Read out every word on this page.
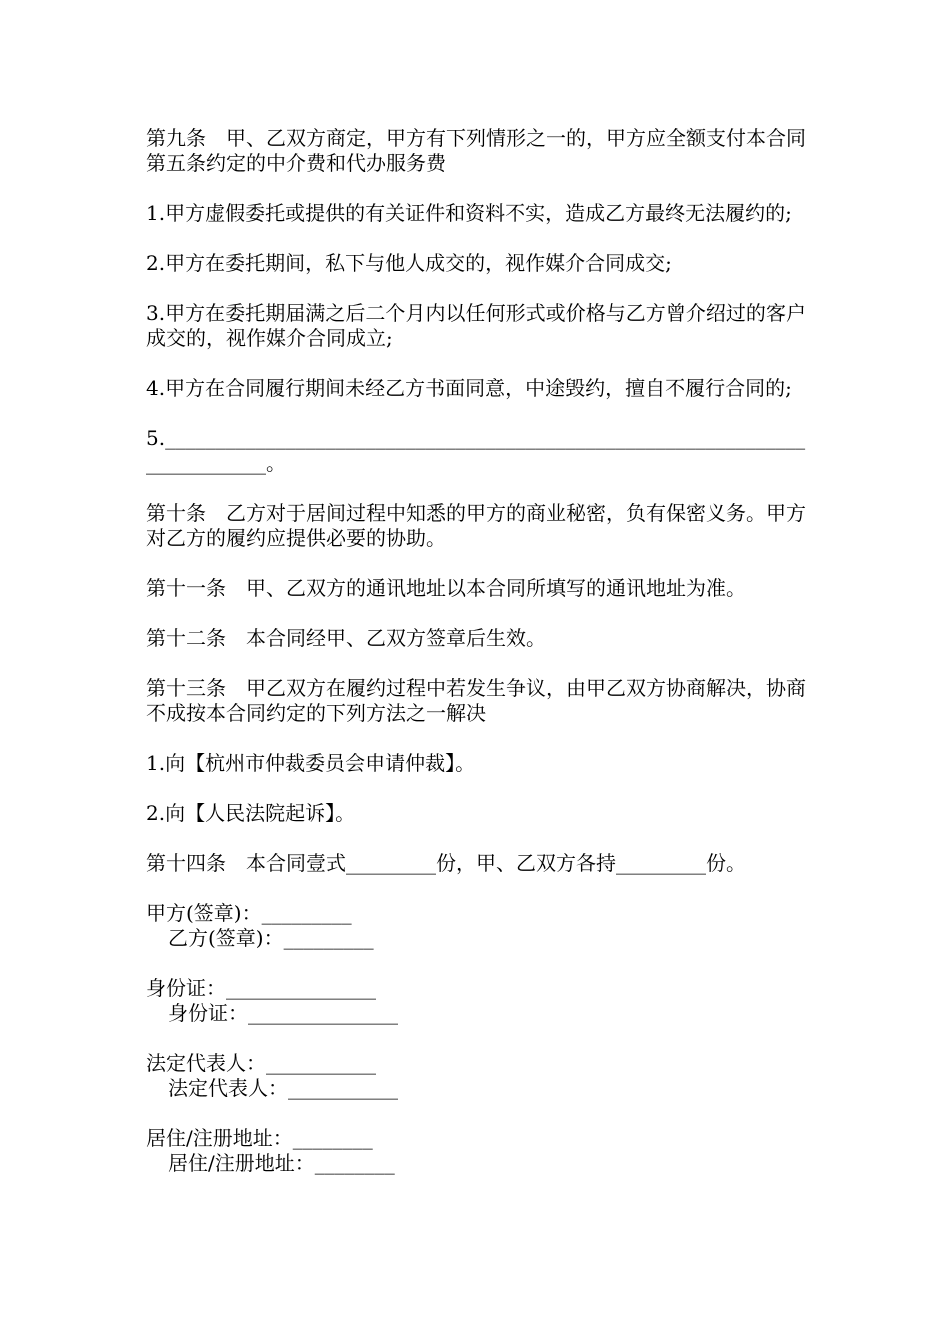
第九条　甲、乙双方商定，甲方有下列情形之一的，甲方应全额支付本合同第五条约定的中介费和代办服务费

1.甲方虚假委托或提供的有关证件和资料不实，造成乙方最终无法履约的;

2.甲方在委托期间，私下与他人成交的，视作媒介合同成交;

3.甲方在委托期届满之后二个月内以任何形式或价格与乙方曾介绍过的客户成交的，视作媒介合同成立;

4.甲方在合同履行期间未经乙方书面同意，中途毁约，擅自不履行合同的;

5.____________________________________________________________________________。

第十条　乙方对于居间过程中知悉的甲方的商业秘密，负有保密义务。甲方对乙方的履约应提供必要的协助。

第十一条　甲、乙双方的通讯地址以本合同所填写的通讯地址为准。

第十二条　本合同经甲、乙双方签章后生效。

第十三条　甲乙双方在履约过程中若发生争议，由甲乙双方协商解决，协商不成按本合同约定的下列方法之一解决

1.向【杭州市仲裁委员会申请仲裁】。

2.向【人民法院起诉】。

第十四条　本合同壹式_________份，甲、乙双方各持_________份。

甲方(签章)：_________

乙方(签章)：_________

身份证：_______________

身份证：_______________

法定代表人：___________

法定代表人：___________

居住/注册地址：________

居住/注册地址：________
